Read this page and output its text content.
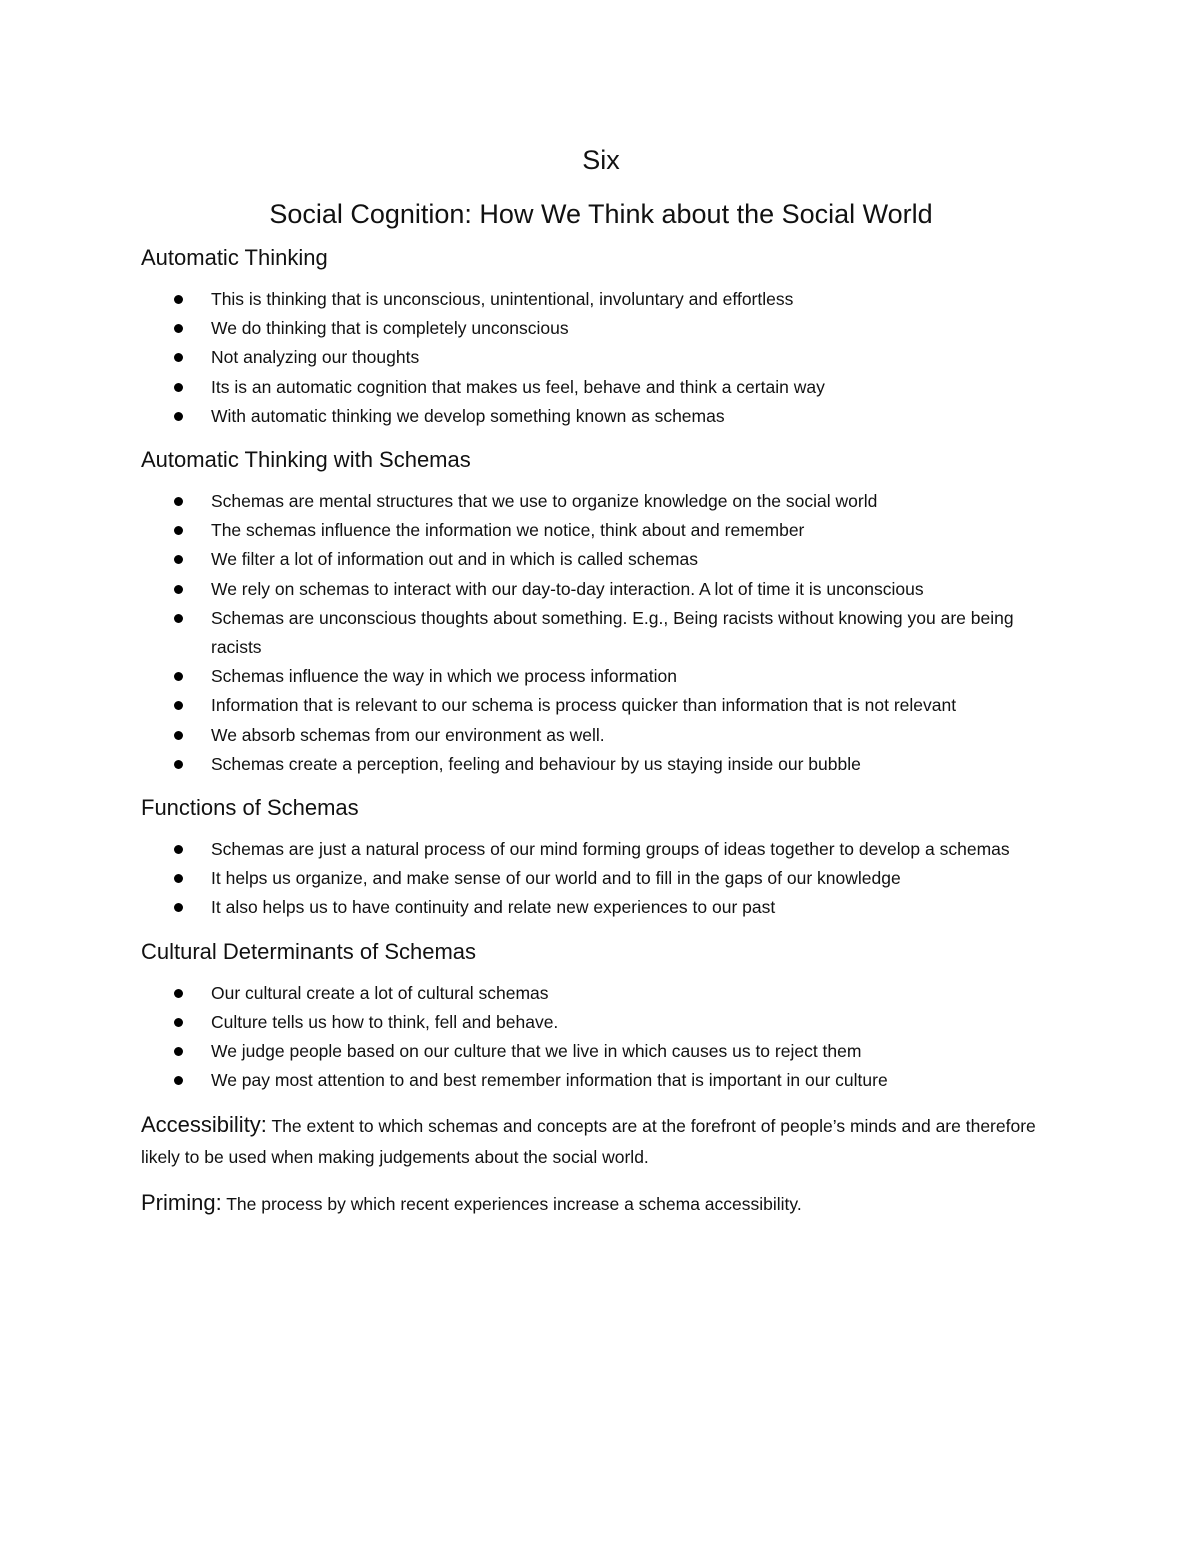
Six
Social Cognition: How We Think about the Social World
Automatic Thinking
This is thinking that is unconscious, unintentional, involuntary and effortless
We do thinking that is completely unconscious
Not analyzing our thoughts
Its is an automatic cognition that makes us feel, behave and think a certain way
With automatic thinking we develop something known as schemas
Automatic Thinking with Schemas
Schemas are mental structures that we use to organize knowledge on the social world
The schemas influence the information we notice, think about and remember
We filter a lot of information out and in which is called schemas
We rely on schemas to interact with our day-to-day interaction. A lot of time it is unconscious
Schemas are unconscious thoughts about something. E.g., Being racists without knowing you are being racists
Schemas influence the way in which we process information
Information that is relevant to our schema is process quicker than information that is not relevant
We absorb schemas from our environment as well.
Schemas create a perception, feeling and behaviour by us staying inside our bubble
Functions of Schemas
Schemas are just a natural process of our mind forming groups of ideas together to develop a schemas
It helps us organize, and make sense of our world and to fill in the gaps of our knowledge
It also helps us to have continuity and relate new experiences to our past
Cultural Determinants of Schemas
Our cultural create a lot of cultural schemas
Culture tells us how to think, fell and behave.
We judge people based on our culture that we live in which causes us to reject them
We pay most attention to and best remember information that is important in our culture

Accessibility: The extent to which schemas and concepts are at the forefront of people’s minds and are therefore likely to be used when making judgements about the social world.

Priming: The process by which recent experiences increase a schema accessibility.
